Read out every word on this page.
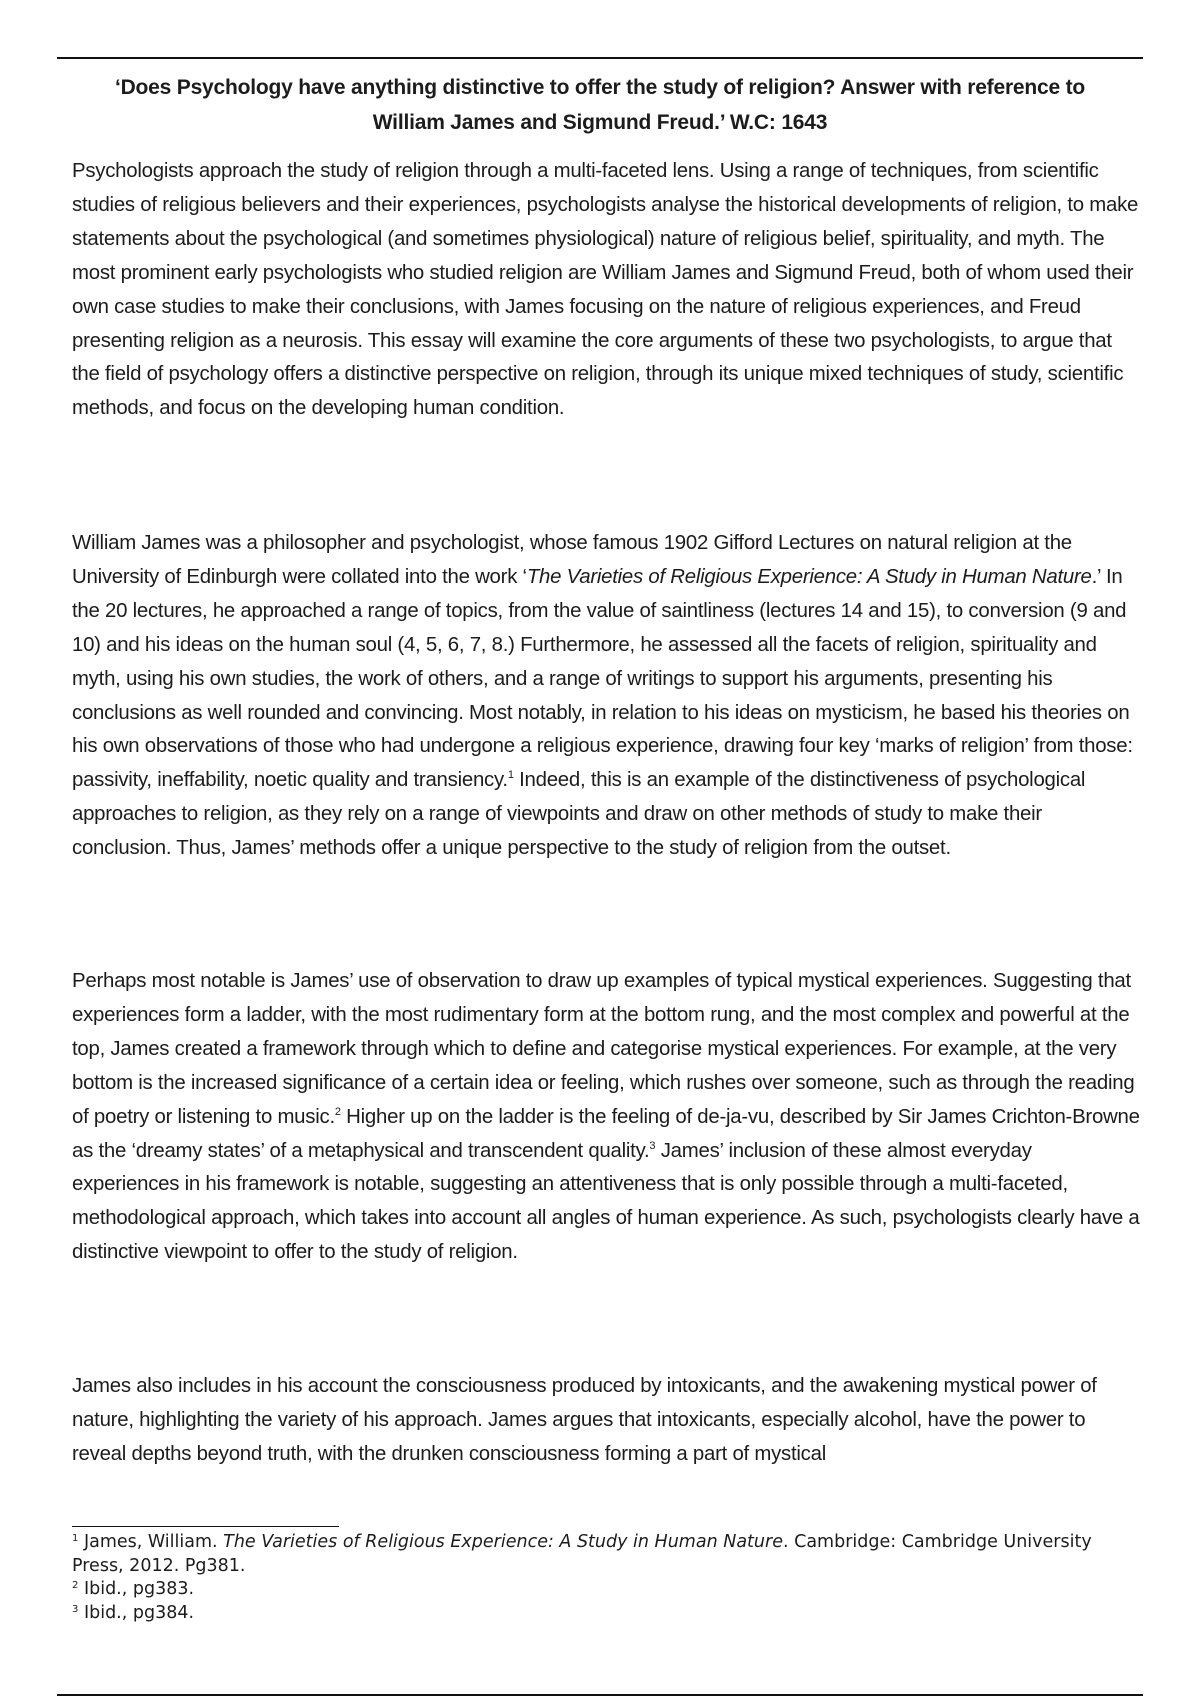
‘Does Psychology have anything distinctive to offer the study of religion? Answer with reference to
William James and Sigmund Freud.’ W.C: 1643

Psychologists approach the study of religion through a multi-faceted lens. Using a range of techniques, from scientific studies of religious believers and their experiences, psychologists analyse the historical developments of religion, to make statements about the psychological (and sometimes physiological) nature of religious belief, spirituality, and myth. The most prominent early psychologists who studied religion are William James and Sigmund Freud, both of whom used their own case studies to make their conclusions, with James focusing on the nature of religious experiences, and Freud presenting religion as a neurosis. This essay will examine the core arguments of these two psychologists, to argue that the field of psychology offers a distinctive perspective on religion, through its unique mixed techniques of study, scientific methods, and focus on the developing human condition.

William James was a philosopher and psychologist, whose famous 1902 Gifford Lectures on natural religion at the University of Edinburgh were collated into the work ‘The Varieties of Religious Experience: A Study in Human Nature.’ In the 20 lectures, he approached a range of topics, from the value of saintliness (lectures 14 and 15), to conversion (9 and 10) and his ideas on the human soul (4, 5, 6, 7, 8.) Furthermore, he assessed all the facets of religion, spirituality and myth, using his own studies, the work of others, and a range of writings to support his arguments, presenting his conclusions as well rounded and convincing. Most notably, in relation to his ideas on mysticism, he based his theories on his own observations of those who had undergone a religious experience, drawing four key ‘marks of religion’ from those: passivity, ineffability, noetic quality and transiency.$^1$ Indeed, this is an example of the distinctiveness of psychological approaches to religion, as they rely on a range of viewpoints and draw on other methods of study to make their conclusion. Thus, James’ methods offer a unique perspective to the study of religion from the outset.

Perhaps most notable is James’ use of observation to draw up examples of typical mystical experiences. Suggesting that experiences form a ladder, with the most rudimentary form at the bottom rung, and the most complex and powerful at the top, James created a framework through which to define and categorise mystical experiences. For example, at the very bottom is the increased significance of a certain idea or feeling, which rushes over someone, such as through the reading of poetry or listening to music.$^2$ Higher up on the ladder is the feeling of de-ja-vu, described by Sir James Crichton-Browne as the ‘dreamy states’ of a metaphysical and transcendent quality.$^3$ James’ inclusion of these almost everyday experiences in his framework is notable, suggesting an attentiveness that is only possible through a multi-faceted, methodological approach, which takes into account all angles of human experience. As such, psychologists clearly have a distinctive viewpoint to offer to the study of religion.

James also includes in his account the consciousness produced by intoxicants, and the awakening mystical power of nature, highlighting the variety of his approach. James argues that intoxicants, especially alcohol, have the power to reveal depths beyond truth, with the drunken consciousness forming a part of mystical

$^1$ James, William. The Varieties of Religious Experience: A Study in Human Nature. Cambridge: Cambridge University Press, 2012. Pg381.

$^2$ Ibid., pg383.

$^3$ Ibid., pg384.
